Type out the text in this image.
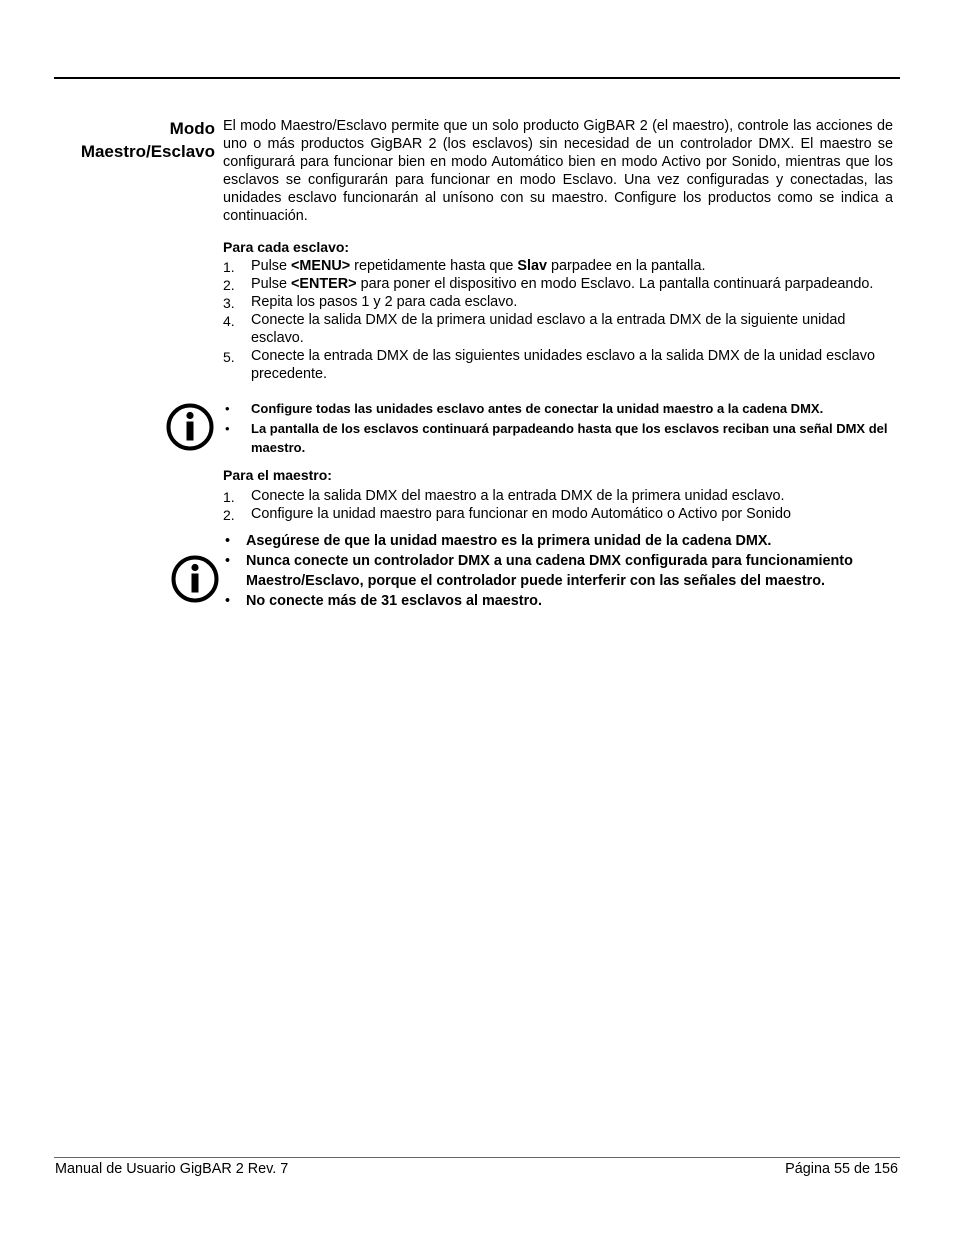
Modo
Maestro/Esclavo

El modo Maestro/Esclavo permite que un solo producto GigBAR 2 (el maestro), controle las acciones de uno o más productos GigBAR 2 (los esclavos) sin necesidad de un controlador DMX. El maestro se configurará para funcionar bien en modo Automático bien en modo Activo por Sonido, mientras que los esclavos se configurarán para funcionar en modo Esclavo. Una vez configuradas y conectadas, las unidades esclavo funcionarán al unísono con su maestro. Configure los productos como se indica a continuación.

Para cada esclavo:

1. Pulse <MENU> repetidamente hasta que Slav parpadee en la pantalla.
2. Pulse <ENTER> para poner el dispositivo en modo Esclavo. La pantalla continuará parpadeando.
3. Repita los pasos 1 y 2 para cada esclavo.
4. Conecte la salida DMX de la primera unidad esclavo a la entrada DMX de la siguiente unidad esclavo.
5. Conecte la entrada DMX de las siguientes unidades esclavo a la salida DMX de la unidad esclavo precedente.
• Configure todas las unidades esclavo antes de conectar la unidad maestro a la cadena DMX.
• La pantalla de los esclavos continuará parpadeando hasta que los esclavos reciban una señal DMX del maestro.

Para el maestro:

1. Conecte la salida DMX del maestro a la entrada DMX de la primera unidad esclavo.
2. Configure la unidad maestro para funcionar en modo Automático o Activo por Sonido
• Asegúrese de que la unidad maestro es la primera unidad de la cadena DMX.
• Nunca conecte un controlador DMX a una cadena DMX configurada para funcionamiento Maestro/Esclavo, porque el controlador puede interferir con las señales del maestro.
• No conecte más de 31 esclavos al maestro.
Manual de Usuario GigBAR 2 Rev. 7	Página 55 de 156
